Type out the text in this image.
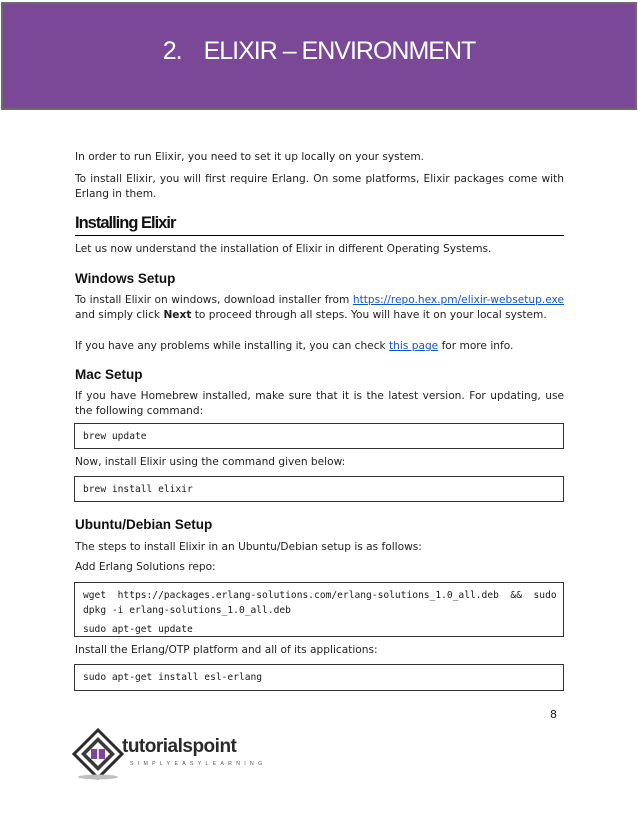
2. ELIXIR – ENVIRONMENT

In order to run Elixir, you need to set it up locally on your system.

To install Elixir, you will first require Erlang. On some platforms, Elixir packages come with Erlang in them.

Installing Elixir

Let us now understand the installation of Elixir in different Operating Systems.

Windows Setup

To install Elixir on windows, download installer from https://repo.hex.pm/elixir-websetup.exe and simply click Next to proceed through all steps. You will have it on your local system.

If you have any problems while installing it, you can check this page for more info.

Mac Setup

If you have Homebrew installed, make sure that it is the latest version. For updating, use the following command:

brew update

Now, install Elixir using the command given below:

brew install elixir
Ubuntu/Debian Setup

The steps to install Elixir in an Ubuntu/Debian setup is as follows:

Add Erlang Solutions repo:

wget  https://packages.erlang-solutions.com/erlang-solutions_1.0_all.deb  &&  sudo
dpkg -i erlang-solutions_1.0_all.deb
sudo apt-get update

Install the Erlang/OTP platform and all of its applications:

sudo apt-get install esl-erlang
8
tutorialspoint
SIMPLYEASYLEARNING
